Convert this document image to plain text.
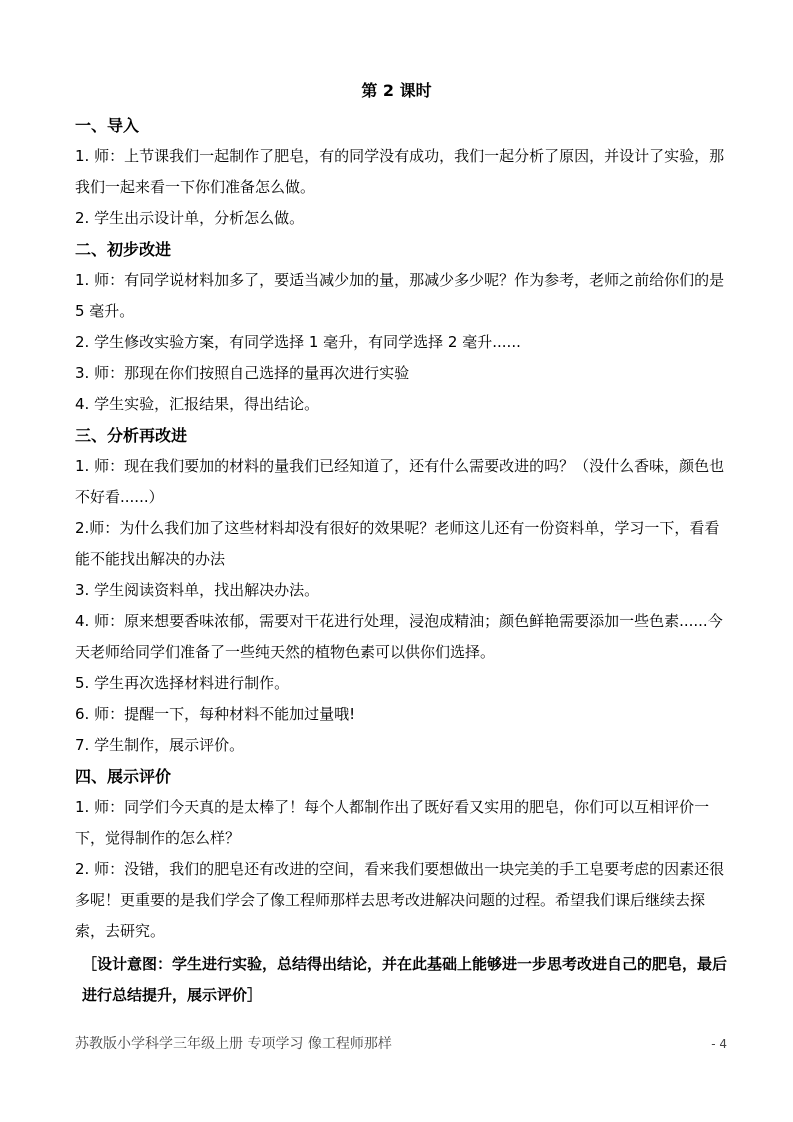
第 2 课时
一、导入
1. 师：上节课我们一起制作了肥皂，有的同学没有成功，我们一起分析了原因，并设计了实验，那我们一起来看一下你们准备怎么做。
2. 学生出示设计单，分析怎么做。
二、初步改进
1. 师：有同学说材料加多了，要适当减少加的量，那减少多少呢？作为参考，老师之前给你们的是 5 毫升。
2. 学生修改实验方案，有同学选择 1 毫升，有同学选择 2 毫升......
3. 师：那现在你们按照自己选择的量再次进行实验
4. 学生实验，汇报结果，得出结论。
三、分析再改进
1. 师：现在我们要加的材料的量我们已经知道了，还有什么需要改进的吗？（没什么香味，颜色也不好看......）
2.师：为什么我们加了这些材料却没有很好的效果呢？老师这儿还有一份资料单，学习一下，看看能不能找出解决的办法
3. 学生阅读资料单，找出解决办法。
4. 师：原来想要香味浓郁，需要对干花进行处理，浸泡成精油；颜色鲜艳需要添加一些色素......今天老师给同学们准备了一些纯天然的植物色素可以供你们选择。
5. 学生再次选择材料进行制作。
6. 师：提醒一下，每种材料不能加过量哦!
7. 学生制作，展示评价。
四、展示评价
1. 师：同学们今天真的是太棒了！每个人都制作出了既好看又实用的肥皂，你们可以互相评价一下，觉得制作的怎么样？
2. 师：没错，我们的肥皂还有改进的空间，看来我们要想做出一块完美的手工皂要考虑的因素还很多呢！更重要的是我们学会了像工程师那样去思考改进解决问题的过程。希望我们课后继续去探索，去研究。
［设计意图：学生进行实验，总结得出结论，并在此基础上能够进一步思考改进自己的肥皂，最后进行总结提升，展示评价］
苏教版小学科学三年级上册 专项学习 像工程师那样	- 4
